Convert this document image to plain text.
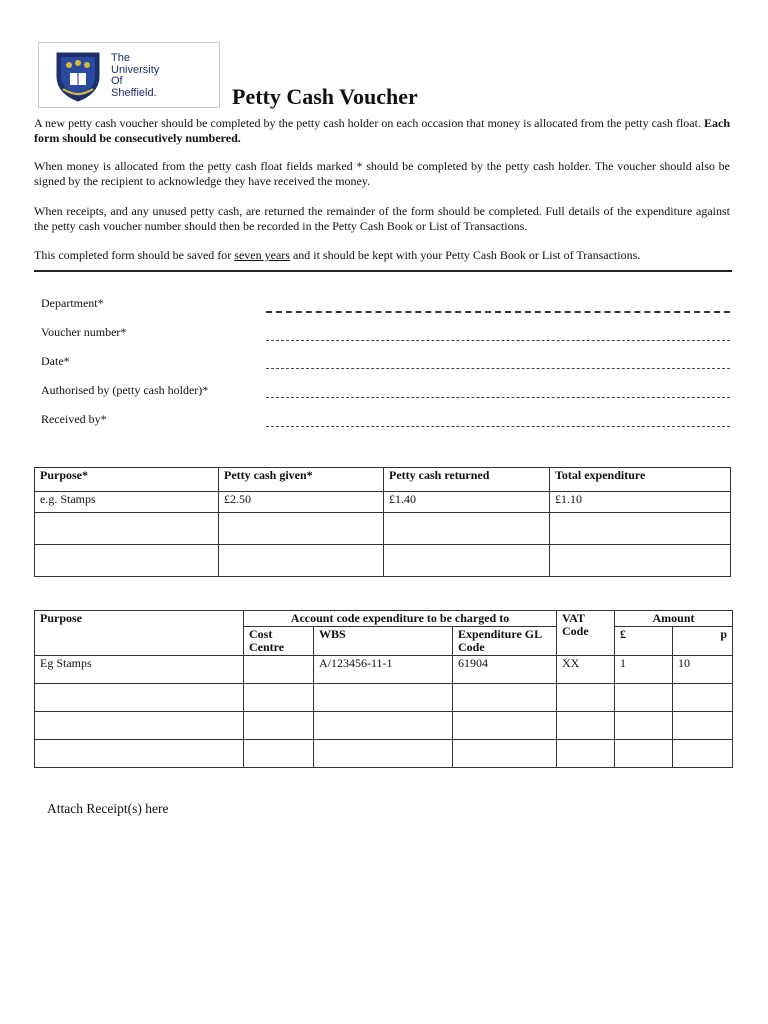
The
University
Of
Sheffield.	Petty Cash Voucher
A new petty cash voucher should be completed by the petty cash holder on each occasion that money is allocated from the petty cash float. Each form should be consecutively numbered.
When money is allocated from the petty cash float fields marked * should be completed by the petty cash holder. The voucher should also be signed by the recipient to acknowledge they have received the money.
When receipts, and any unused petty cash, are returned the remainder of the form should be completed. Full details of the expenditure against the petty cash voucher number should then be recorded in the Petty Cash Book or List of Transactions.
This completed form should be saved for seven years and it should be kept with your Petty Cash Book or List of Transactions.
Department*
Voucher number*
Date*
Authorised by (petty cash holder)*
Received by*
Purpose*	Petty cash given*	Petty cash returned	Total expenditure
e.g. Stamps	£2.50	£1.40	£1.10

Purpose	Account code expenditure to be charged to			VAT Code	Amount	
	Cost Centre	WBS	Expenditure GL Code		£	p
Eg Stamps		A/123456-11-1	61904	XX	1	10

Attach Receipt(s) here
